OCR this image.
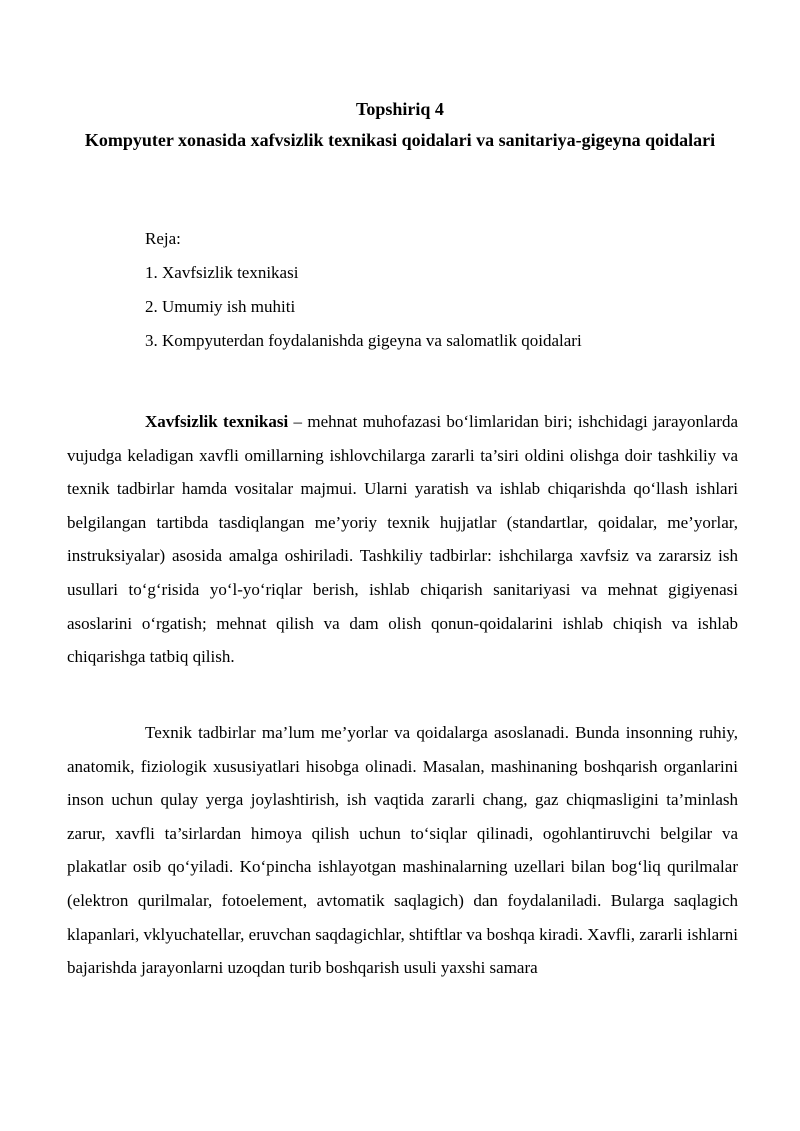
Topshiriq 4
Kompyuter xonasida xafvsizlik texnikasi qoidalari va sanitariya-gigeyna qoidalari
Reja:
1. Xavfsizlik texnikasi
2. Umumiy ish muhiti
3. Kompyuterdan foydalanishda gigeyna va salomatlik qoidalari

Xavfsizlik texnikasi – mehnat muhofazasi bo‘limlaridan biri; ishchidagi jarayonlarda vujudga keladigan xavfli omillarning ishlovchilarga zararli ta’siri oldini olishga doir tashkiliy va texnik tadbirlar hamda vositalar majmui. Ularni yaratish va ishlab chiqarishda qo‘llash ishlari belgilangan tartibda tasdiqlangan me’yoriy texnik hujjatlar (standartlar, qoidalar, me’yorlar, instruksiyalar) asosida amalga oshiriladi. Tashkiliy tadbirlar: ishchilarga xavfsiz va zararsiz ish usullari to‘g‘risida yo‘l-yo‘riqlar berish, ishlab chiqarish sanitariyasi va mehnat gigiyenasi asoslarini o‘rgatish; mehnat qilish va dam olish qonun-qoidalarini ishlab chiqish va ishlab chiqarishga tatbiq qilish.

Texnik tadbirlar ma’lum me’yorlar va qoidalarga asoslanadi. Bunda insonning ruhiy, anatomik, fiziologik xususiyatlari hisobga olinadi. Masalan, mashinaning boshqarish organlarini inson uchun qulay yerga joylashtirish, ish vaqtida zararli chang, gaz chiqmasligini ta’minlash zarur, xavfli ta’sirlardan himoya qilish uchun to‘siqlar qilinadi, ogohlantiruvchi belgilar va plakatlar osib qo‘yiladi. Ko‘pincha ishlayotgan mashinalarning uzellari bilan bog‘liq qurilmalar (elektron qurilmalar, fotoelement, avtomatik saqlagich) dan foydalaniladi. Bularga saqlagich klapanlari, vklyuchatellar, eruvchan saqdagichlar, shtiftlar va boshqa kiradi. Xavfli, zararli ishlarni bajarishda jarayonlarni uzoqdan turib boshqarish usuli yaxshi samara
